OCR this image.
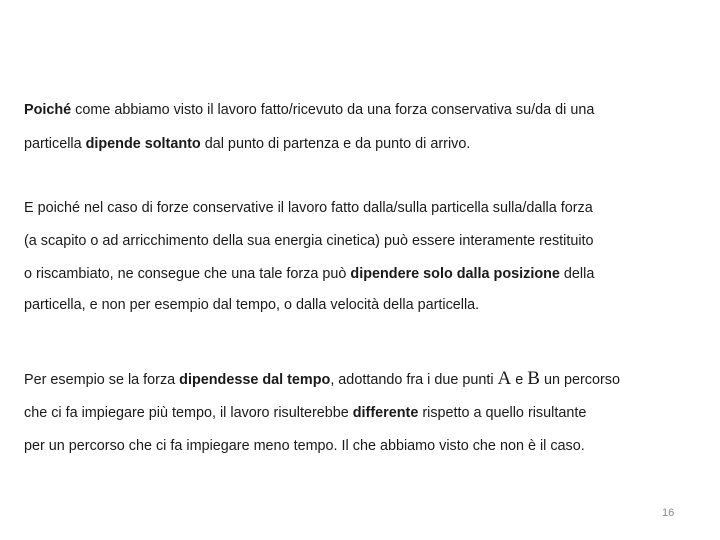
Poiché come abbiamo visto il lavoro fatto/ricevuto da una forza conservativa su/da di una
particella dipende soltanto dal punto di partenza e da punto di arrivo.
E poiché nel caso di forze conservative il lavoro fatto dalla/sulla particella sulla/dalla forza
(a scapito o ad arricchimento della sua energia cinetica) può essere interamente restituito
o riscambiato, ne consegue che una tale forza può dipendere solo dalla posizione della
particella, e non per esempio dal tempo, o dalla velocità della particella.
Per esempio se la forza dipendesse dal tempo, adottando fra i due punti A e B un percorso
che ci fa impiegare più tempo, il lavoro risulterebbe differente rispetto a quello risultante
per un percorso che ci fa impiegare meno tempo. Il che abbiamo visto che non è il caso.
16
